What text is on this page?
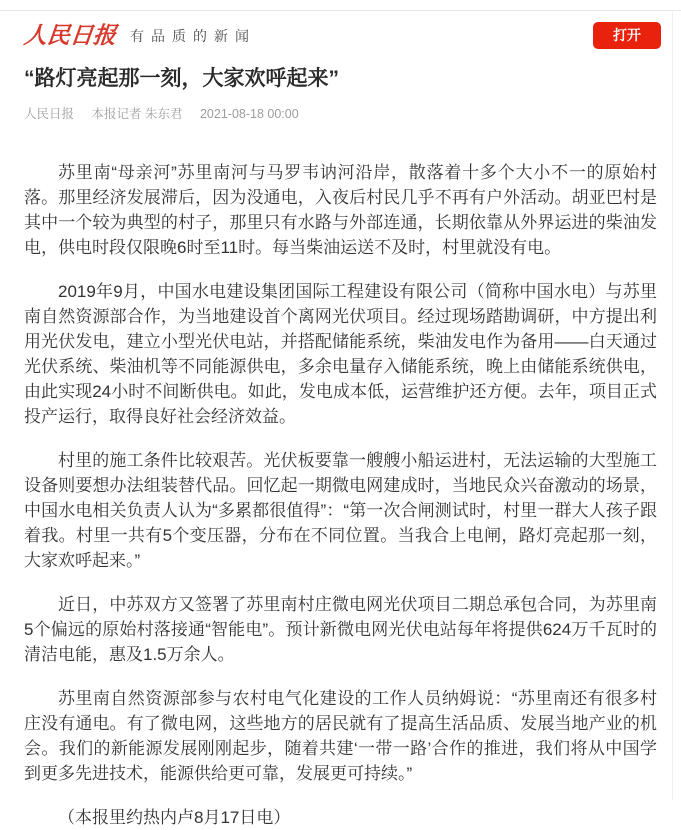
人民日报 有品质的新闻	打开
“路灯亮起那一刻，大家欢呼起来”
人民日报 本报记者 朱东君 2021-08-18 00:00

苏里南“母亲河”苏里南河与马罗韦讷河沿岸，散落着十多个大小不一的原始村落。那里经济发展滞后，因为没通电，入夜后村民几乎不再有户外活动。胡亚巴村是其中一个较为典型的村子，那里只有水路与外部连通，长期依靠从外界运进的柴油发电，供电时段仅限晚6时至11时。每当柴油运送不及时，村里就没有电。

2019年9月，中国水电建设集团国际工程建设有限公司（简称中国水电）与苏里南自然资源部合作，为当地建设首个离网光伏项目。经过现场踏勘调研，中方提出利用光伏发电，建立小型光伏电站，并搭配储能系统，柴油发电作为备用——白天通过光伏系统、柴油机等不同能源供电，多余电量存入储能系统，晚上由储能系统供电，由此实现24小时不间断供电。如此，发电成本低，运营维护还方便。去年，项目正式投产运行，取得良好社会经济效益。

村里的施工条件比较艰苦。光伏板要靠一艘艘小船运进村，无法运输的大型施工设备则要想办法组装替代品。回忆起一期微电网建成时，当地民众兴奋激动的场景，中国水电相关负责人认为“多累都很值得”：“第一次合闸测试时，村里一群大人孩子跟着我。村里一共有5个变压器，分布在不同位置。当我合上电闸，路灯亮起那一刻，大家欢呼起来。”

近日，中苏双方又签署了苏里南村庄微电网光伏项目二期总承包合同，为苏里南5个偏远的原始村落接通“智能电”。预计新微电网光伏电站每年将提供624万千瓦时的清洁电能，惠及1.5万余人。

苏里南自然资源部参与农村电气化建设的工作人员纳姆说：“苏里南还有很多村庄没有通电。有了微电网，这些地方的居民就有了提高生活品质、发展当地产业的机会。我们的新能源发展刚刚起步，随着共建‘一带一路’合作的推进，我们将从中国学到更多先进技术，能源供给更可靠，发展更可持续。”

（本报里约热内卢8月17日电）
